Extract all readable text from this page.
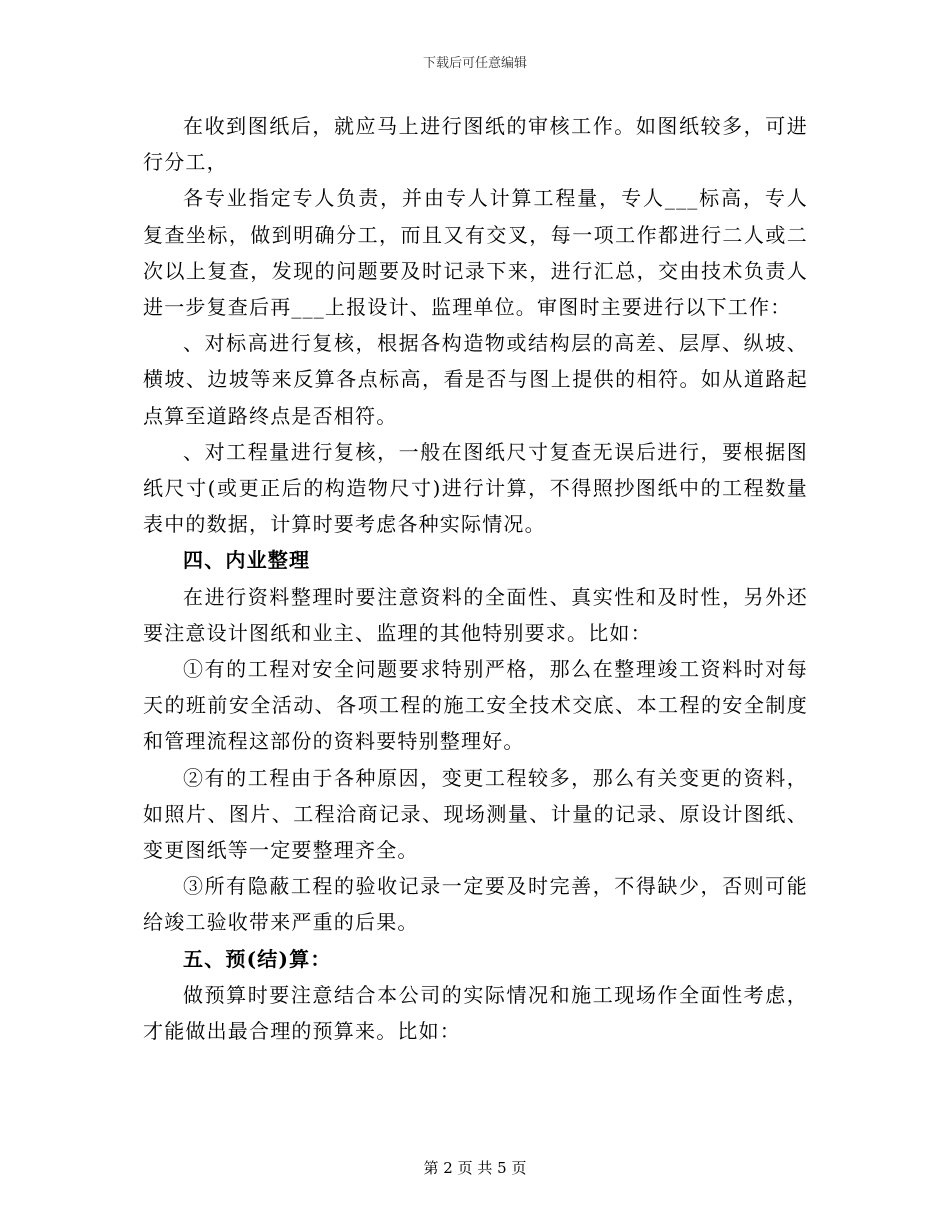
下载后可任意编辑

在收到图纸后，就应马上进行图纸的审核工作。如图纸较多，可进行分工，

各专业指定专人负责，并由专人计算工程量，专人___标高，专人复查坐标，做到明确分工，而且又有交叉，每一项工作都进行二人或二次以上复查，发现的问题要及时记录下来，进行汇总，交由技术负责人进一步复查后再___上报设计、监理单位。审图时主要进行以下工作：

、对标高进行复核，根据各构造物或结构层的高差、层厚、纵坡、横坡、边坡等来反算各点标高，看是否与图上提供的相符。如从道路起点算至道路终点是否相符。

、对工程量进行复核，一般在图纸尺寸复查无误后进行，要根据图纸尺寸(或更正后的构造物尺寸)进行计算，不得照抄图纸中的工程数量表中的数据，计算时要考虑各种实际情况。

四、内业整理

在进行资料整理时要注意资料的全面性、真实性和及时性，另外还要注意设计图纸和业主、监理的其他特别要求。比如：

①有的工程对安全问题要求特别严格，那么在整理竣工资料时对每天的班前安全活动、各项工程的施工安全技术交底、本工程的安全制度和管理流程这部份的资料要特别整理好。

②有的工程由于各种原因，变更工程较多，那么有关变更的资料，如照片、图片、工程洽商记录、现场测量、计量的记录、原设计图纸、变更图纸等一定要整理齐全。

③所有隐蔽工程的验收记录一定要及时完善，不得缺少，否则可能给竣工验收带来严重的后果。

五、预(结)算：

做预算时要注意结合本公司的实际情况和施工现场作全面性考虑，才能做出最合理的预算来。比如：

第 2 页 共 5 页
